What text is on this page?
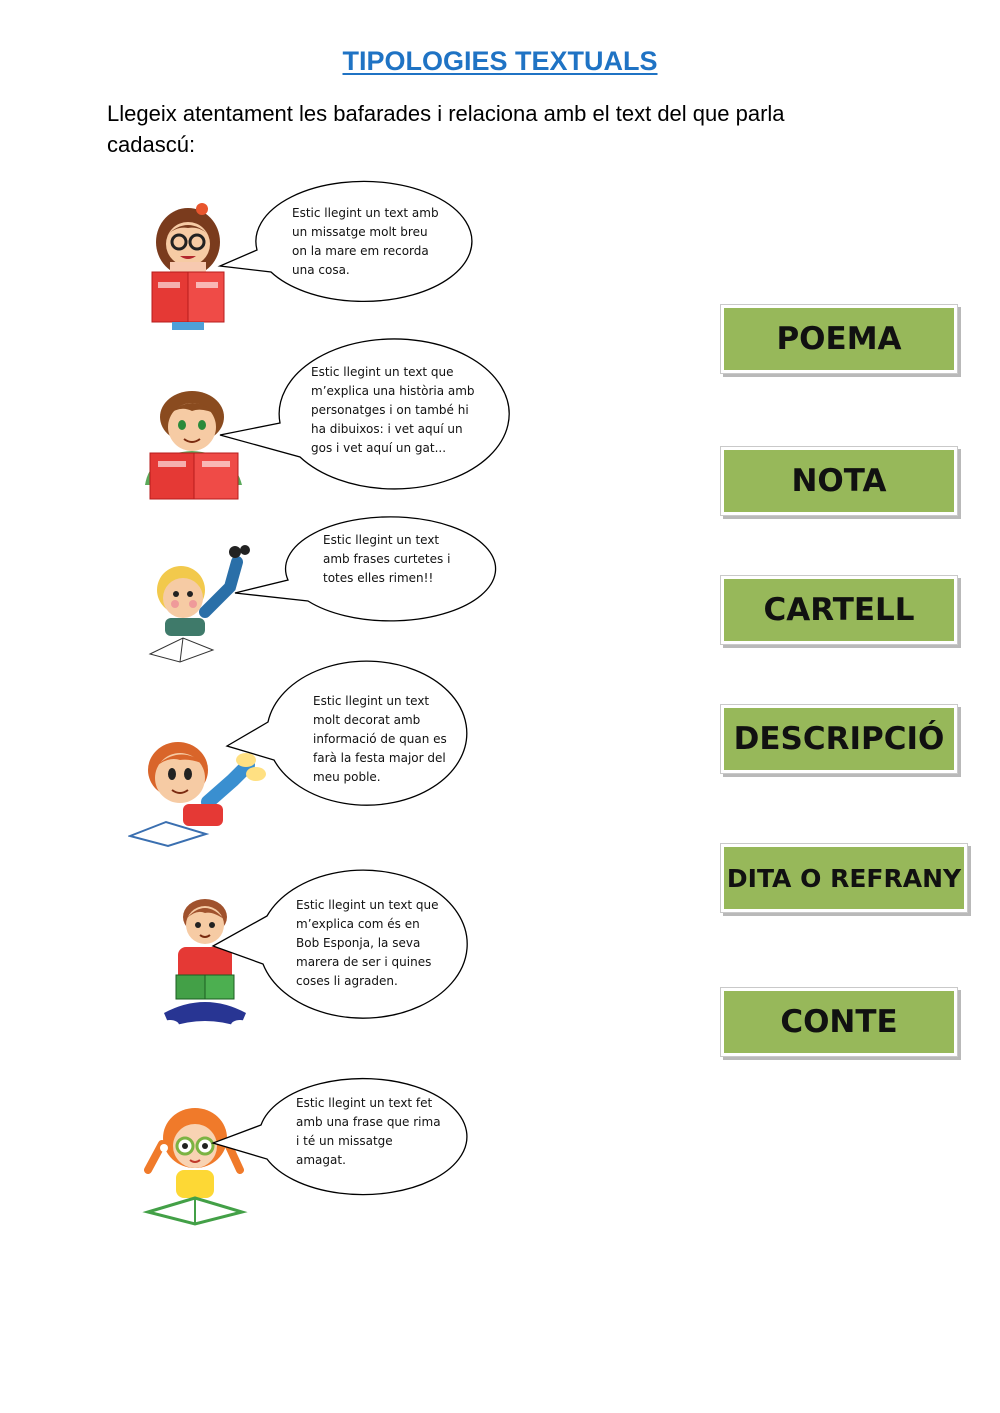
TIPOLOGIES TEXTUALS
Llegeix atentament les bafarades i relaciona amb el text del que parla cadascú:
Estic llegint un text amb
un missatge molt breu
on la mare em recorda
una cosa.
Estic llegint un text que
m’explica una història amb
personatges i on també hi
ha dibuixos: i vet aquí un
gos i vet aquí un gat...
Estic llegint un text
amb frases curtetes i
totes elles rimen!!
Estic llegint un text
molt decorat amb
informació de quan es
farà la festa major del
meu poble.
Estic llegint un text que
m’explica com és en
Bob Esponja, la seva
marera de ser i quines
coses li agraden.
Estic llegint un text fet
amb una frase que rima
i té un missatge
amagat.
POEMA
NOTA
CARTELL
DESCRIPCIÓ
DITA O REFRANY
CONTE
